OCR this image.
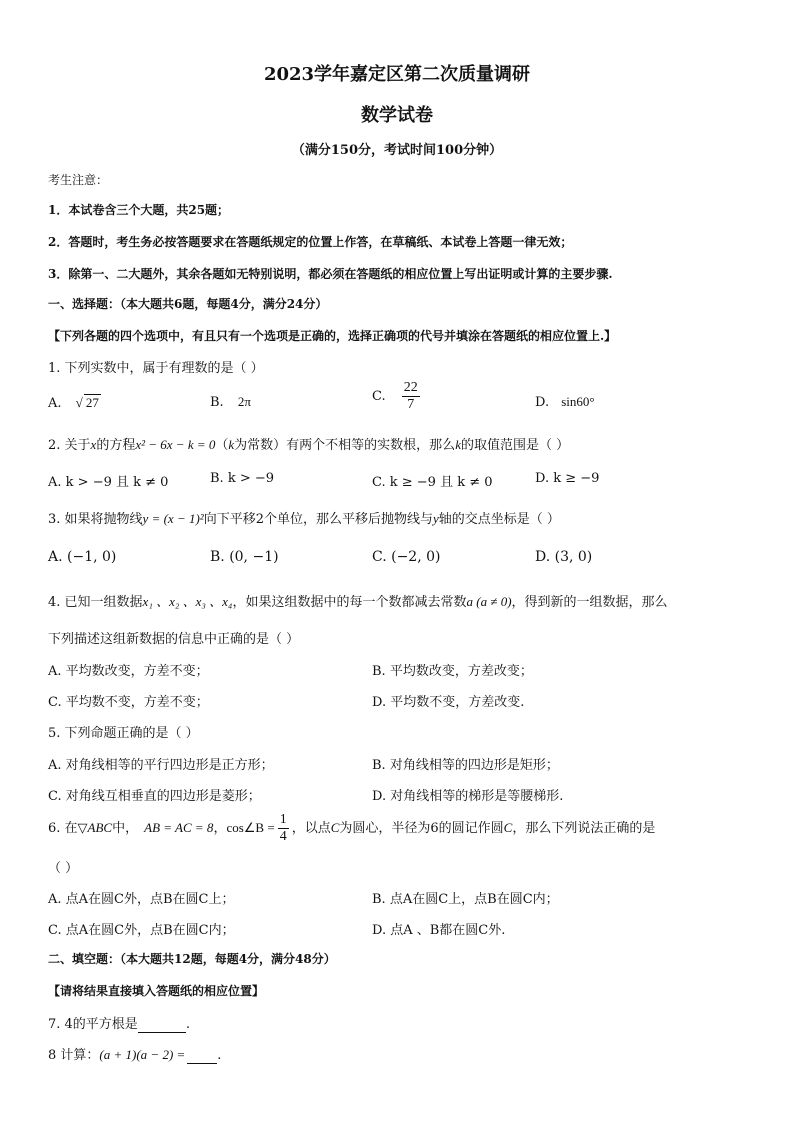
2023学年嘉定区第二次质量调研
数学试卷
（满分150分，考试时间100分钟）
考生注意：
1．本试卷含三个大题，共25题；
2．答题时，考生务必按答题要求在答题纸规定的位置上作答，在草稿纸、本试卷上答题一律无效；
3．除第一、二大题外，其余各题如无特别说明，都必须在答题纸的相应位置上写出证明或计算的主要步骤.
一、选择题：（本大题共6题，每题4分，满分24分）
【下列各题的四个选项中，有且只有一个选项是正确的，选择正确项的代号并填涂在答题纸的相应位置上.】
1. 下列实数中，属于有理数的是（ ）
A. √ 27	B. 2π	C. $\frac{22}{7}$	D. sin60°
2. 关于x的方程x² − 6x − k = 0（k为常数）有两个不相等的实数根，那么k的取值范围是（ ）
A. k > −9 且 k ≠ 0	B. k > −9	C. k ≥ −9 且 k ≠ 0	D. k ≥ −9
3. 如果将抛物线y = (x − 1)²向下平移2个单位，那么平移后抛物线与y轴的交点坐标是（ ）
A. (−1, 0)	B. (0, −1)	C. (−2, 0)	D. (3, 0)
4. 已知一组数据x₁ 、x₂ 、x₃ 、x₄，如果这组数据中的每一个数都减去常数a (a ≠ 0)，得到新的一组数据，那么
下列描述这组新数据的信息中正确的是（ ）
A. 平均数改变，方差不变；	B. 平均数改变，方差改变；
C. 平均数不变，方差不变；	D. 平均数不变，方差改变.
5. 下列命题正确的是（ ）
A. 对角线相等的平行四边形是正方形；	B. 对角线相等的四边形是矩形；
C. 对角线互相垂直的四边形是菱形；	D. 对角线相等的梯形是等腰梯形.
6. 在▽ABC中， AB = AC = 8，cos∠B = $\frac{1}{4}$ ，以点C为圆心，半径为6的圆记作圆C，那么下列说法正确的是
（ ）
A. 点A在圆C外，点B在圆C上；	B. 点A在圆C上，点B在圆C内；
C. 点A在圆C外，点B在圆C内；	D. 点A 、B都在圆C外.
二、填空题：（本大题共12题，每题4分，满分48分）
【请将结果直接填入答题纸的相应位置】
7. 4的平方根是	.
8 计算：(a + 1)(a − 2) = .
